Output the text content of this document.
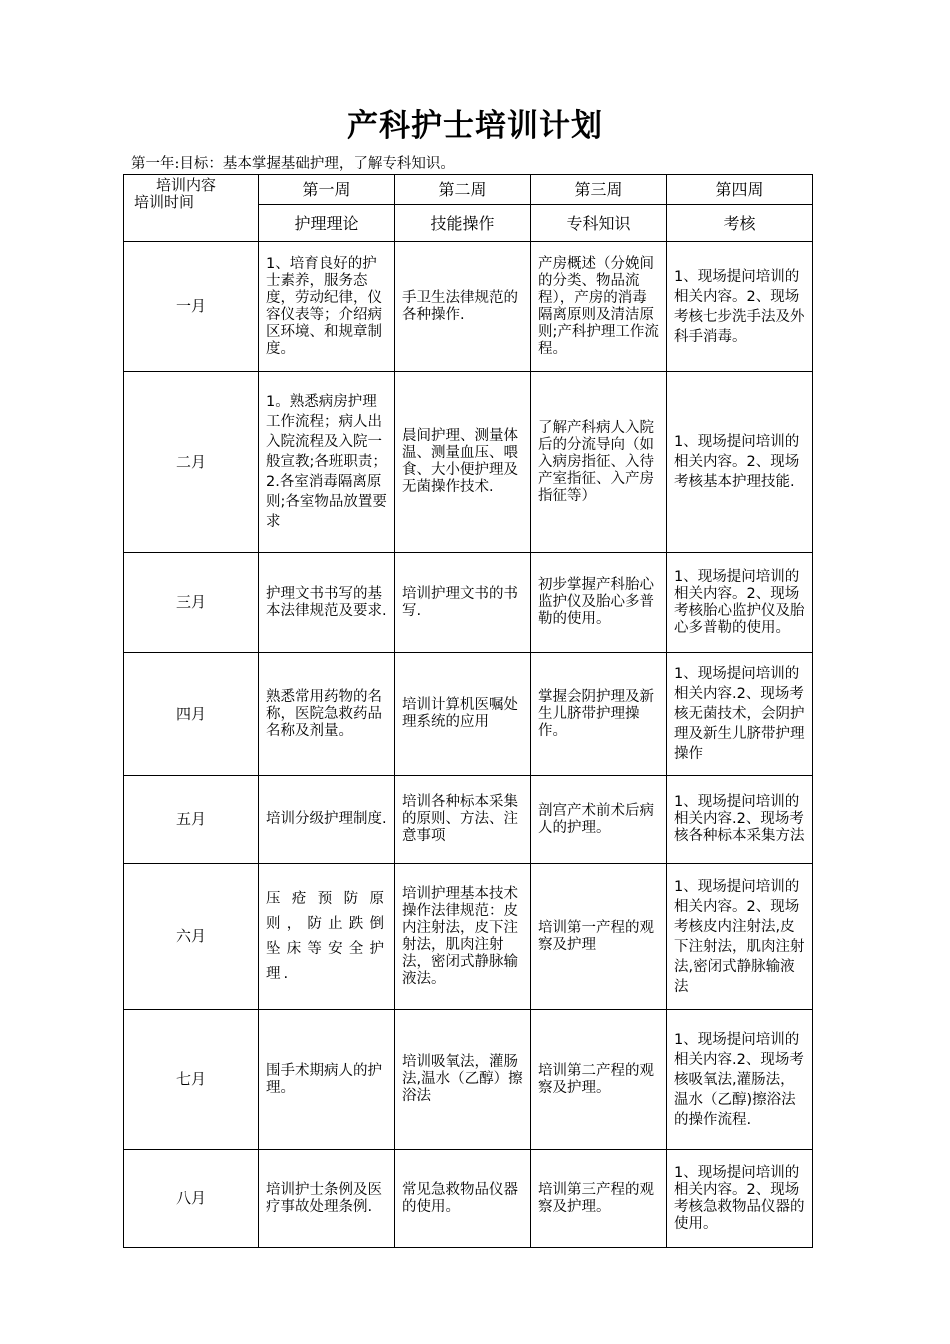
产科护士培训计划
第一年:目标：基本掌握基础护理，了解专科知识。
培训内容
培训时间	第一周	第二周	第三周	第四周
	护理理论	技能操作	专科知识	考核
一月	1、培育良好的护士素养，服务态度，劳动纪律，仪容仪表等；介绍病区环境、和规章制度。	手卫生法律规范的各种操作.	产房概述（分娩间的分类、物品流程），产房的消毒隔离原则及清洁原则;产科护理工作流程。	1、现场提问培训的相关内容。2、现场考核七步洗手法及外科手消毒。
二月	1。熟悉病房护理工作流程；病人出入院流程及入院一般宣教;各班职责；2.各室消毒隔离原则;各室物品放置要求	晨间护理、测量体温、测量血压、喂食、大小便护理及无菌操作技术.	了解产科病人入院后的分流导向（如入病房指征、入待产室指征、入产房指征等）	1、现场提问培训的相关内容。2、现场考核基本护理技能.
三月	护理文书书写的基本法律规范及要求.	培训护理文书的书写.	初步掌握产科胎心监护仪及胎心多普勒的使用。	1、现场提问培训的相关内容。2、现场考核胎心监护仪及胎心多普勒的使用。
四月	熟悉常用药物的名称，医院急救药品名称及剂量。	培训计算机医嘱处理系统的应用	掌握会阴护理及新生儿脐带护理操作。	1、现场提问培训的相关内容.2、现场考核无菌技术，会阴护理及新生儿脐带护理操作
五月	培训分级护理制度.	培训各种标本采集的原则、方法、注意事项	剖宫产术前术后病人的护理。	1、现场提问培训的相关内容.2、现场考核各种标本采集方法
六月	压疮预防原则，防止跌倒坠床等安全护理.	培训护理基本技术操作法律规范：皮内注射法，皮下注射法，肌肉注射法，密闭式静脉输液法。	培训第一产程的观察及护理	1、现场提问培训的相关内容。2、现场考核皮内注射法,皮下注射法，肌肉注射法,密闭式静脉输液法
七月	围手术期病人的护理。	培训吸氧法，灌肠法,温水（乙醇）擦浴法	培训第二产程的观察及护理。	1、现场提问培训的相关内容.2、现场考核吸氧法,灌肠法，温水（乙醇)擦浴法的操作流程.
八月	培训护士条例及医疗事故处理条例.	常见急救物品仪器的使用。	培训第三产程的观察及护理。	1、现场提问培训的相关内容。2、现场考核急救物品仪器的使用。
